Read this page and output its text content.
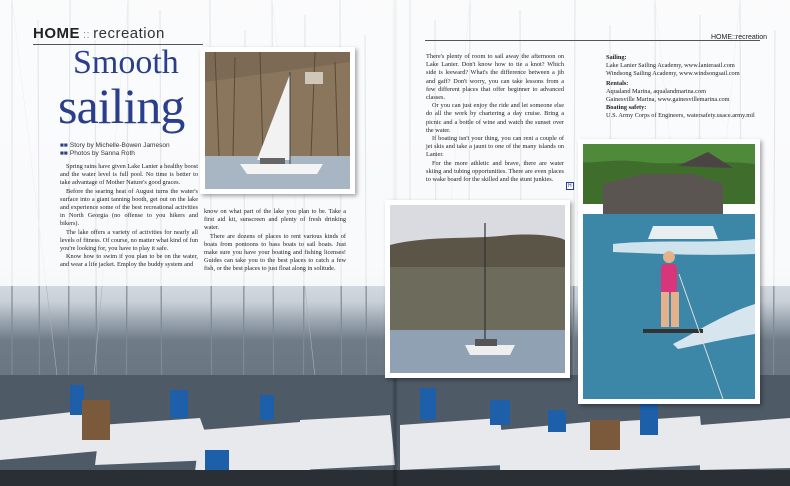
HOME :: recreation	HOME::recreation
Smooth
sailing
■■ Story by Michelle-Bowen Jameson
■■ Photos by Sanna Roth

Spring rains have given Lake Lanier a healthy boost and the water level is full pool. No time is better to take advantage of Mother Nature's good graces.

Before the searing heat of August turns the water's surface into a giant tanning booth, get out on the lake and experience some of the best recreational activities in North Georgia (no offense to you hikers and bikers).

The lake offers a variety of activities for nearly all levels of fitness. Of course, no matter what kind of fun you're looking for, you have to play it safe.

Know how to swim if you plan to be on the water, and wear a life jacket. Employ the buddy system and

know on what part of the lake you plan to be. Take a first aid kit, sunscreen and plenty of fresh drinking water.

There are dozens of places to rent various kinds of boats from pontoons to bass boats to sail boats. Just make sure you have your boating and fishing licenses! Guides can take you to the best places to catch a few fish, or the best places to just float along in solitude.

There's plenty of room to sail away the afternoon on Lake Lanier. Don't know how to tie a knot? Which side is leeward? What's the difference between a jib and gaff? Don't worry, you can take lessons from a few different places that offer beginner to advanced classes.

Or you can just enjoy the ride and let someone else do all the work by chartering a day cruise. Bring a picnic and a bottle of wine and watch the sunset over the water.

If boating isn't your thing, you can rent a couple of jet skis and take a jaunt to one of the many islands on Lanier.

For the more athletic and brave, there are water skiing and tubing opportunities. There are even places to wake board for the skilled and the stunt junkies.

H
Sailing:
Lake Lanier Sailing Academy, www.lanieraail.com
Windsong Sailing Academy, www.windsongsail.com
Rentals:
Aqualand Marina, aqualandmarina.com
Gainesville Marina, www.gainesvillemarina.com
Boating safety:
U.S. Army Corps of Engineers, watersafety.usace.army.mil
